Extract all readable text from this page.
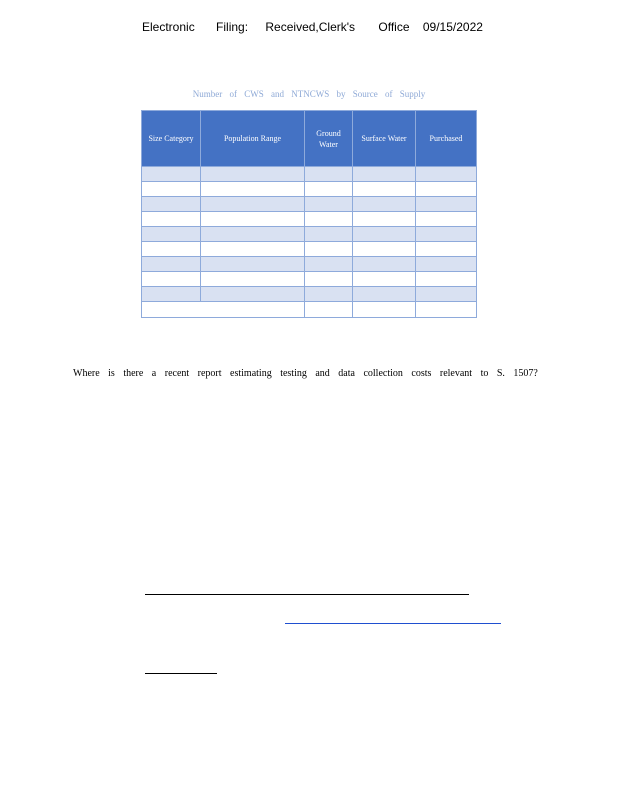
Electronic Filing: Received,Clerk's Office 09/15/2022
Number of CWS and NTNCWS by Source of Supply
Size Category	Population Range	Ground Water	Surface Water	Purchased

Where is there a recent report estimating testing and data collection costs relevant to S. 1507?
